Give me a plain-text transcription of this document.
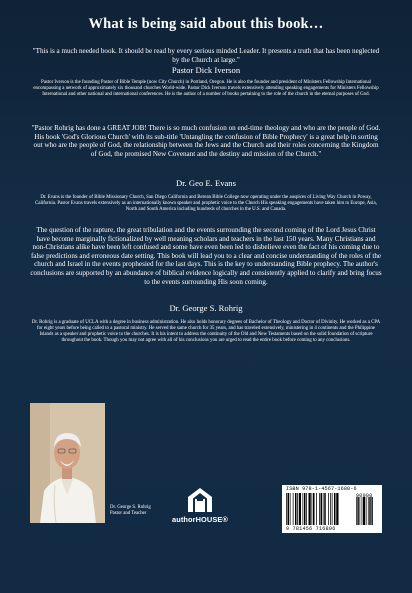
What is being said about this book…
"This is a much needed book. It should be read by every serious minded Leader. It presents a truth that has been neglected by the Church at large."
Pastor Dick Iverson
Pastor Iverson is the founding Pastor of Bible Temple (now City Church) in Portland, Oregon. He is also the founder and president of Ministers Fellowship International encompassing a network of approximately six thousand churches World-wide. Pastor Dick Iverson travels extensively attending speaking engagements for Ministers Fellowship International and other national and international conferences. He is the author of a number of books pertaining to the role of the church in the eternal purposes of God.
"Pastor Rohrig has done a GREAT JOB! There is so much confusion on end-time theology and who are the people of God. His book 'God's Glorious Church' with its sub-title 'Untangling the confusion of Bible Prophecy' is a great help in sorting out who are the people of God, the relationship between the Jews and the Church and their roles concerning the Kingdom of God, the promised New Covenant and the destiny and mission of the Church."
Dr. Geo E. Evans
Dr. Evans is the founder of Bible Missionary Church, San Diego California and Berean Bible College now operating under the auspices of Living Way Church in Poway, California. Pastor Evans travels extensively as an internationally known speaker and prophetic voice to the Church His speaking engagements have taken him to Europe, Asia, North and South America including hundreds of churches in the U.S. and Canada.
The question of the rapture, the great tribulation and the events surrounding the second coming of the Lord Jesus Christ have become marginally fictionalized by well meaning scholars and teachers in the last 150 years. Many Christians and non-Christians alike have been left confused and some have even been led to disbelieve even the fact of his coming due to false predictions and erroneous date setting. This book will lead you to a clear and concise understanding of the roles of the church and Israel in the events prophesied for the last days. This is the key to understanding Bible prophecy. The author's conclusions are supported by an abundance of biblical evidence logically and consistently applied to clarify and bring focus to the events surrounding His soon coming.
Dr. George S. Rohrig
Dr. Rohrig is a graduate of UCLA with a degree in business administration. He also holds honorary degrees of Bachelor of Theology and Doctor of Divinity. He worked as a CPA for eight years before being called to a pastoral ministry. He served the same church for 35 years, and has traveled extensively, ministering in 4 continents and the Philippine Islands as a speaker and prophetic voice to the churches. It is his intent to address the continuity of the Old and New Testaments based on the solid foundation of scripture throughout the book. Though you may not agree with all of his conclusions you are urged to read the entire book before coming to any conclusions.
Dr. George S. Rohrig
Pastor and Teacher
authorHOUSE®
ISBN 978-1-4567-1680-6
9 781456 716806
90000
